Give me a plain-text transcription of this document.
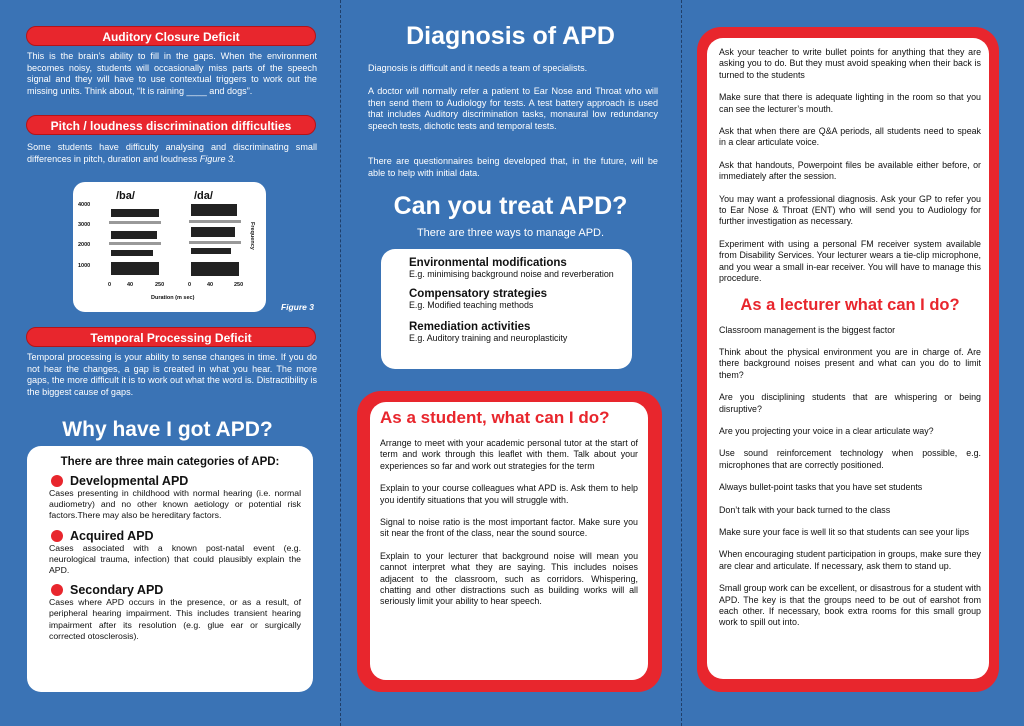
Auditory Closure Deficit
This is the brain’s ability to fill in the gaps. When the environment becomes noisy, students will occasionally miss parts of the speech signal and they will have to use contextual triggers to work out the missing units. Think about, “It is raining ____ and dogs”.
Pitch / loudness discrimination difficulties
Some students have difficulty analysing and discriminating small differences in pitch, duration and loudness Figure 3.
/ba/	/da/
4000
3000
2000
1000
0	40	250	0	40	250
Duration (m sec)
Frequency
Figure 3
Temporal Processing Deficit
Temporal processing is your ability to sense changes in time. If you do not hear the changes, a gap is created in what you hear. The more gaps, the more difficult it is to work out what the word is. Distractibility is the biggest cause of gaps.
Why have I got APD?
There are three main categories of APD:
Developmental APD
Cases presenting in childhood with normal hearing (i.e. normal audiometry) and no other known aetiology or potential risk factors.There may also be hereditary factors.
Acquired APD
Cases associated with a known post-natal event (e.g. neurological trauma, infection) that could plausibly explain the APD.
Secondary APD
Cases where APD occurs in the presence, or as a result, of peripheral hearing impairment. This includes transient hearing impairment after its resolution (e.g. glue ear or surgically corrected otosclerosis).
Diagnosis of APD
Diagnosis is difficult and it needs a team of specialists.
A doctor will normally refer a patient to Ear Nose and Throat who will then send them to Audiology for tests. A test battery approach is used that includes Auditory discrimination tasks, monaural low redundancy speech tests, dichotic tests and temporal tests.
There are questionnaires being developed that, in the future, will be able to help with initial data.
Can you treat APD?
There are three ways to manage APD.
Environmental modifications
E.g. minimising background noise and reverberation
Compensatory strategies
E.g. Modified teaching methods
Remediation activities
E.g. Auditory training and neuroplasticity
As a student, what can I do?
Arrange to meet with your academic personal tutor at the start of term and work through this leaflet with them. Talk about your experiences so far and work out strategies for the term
Explain to your course colleagues what APD is. Ask them to help you identify situations that you will struggle with.
Signal to noise ratio is the most important factor. Make sure you sit near the front of the class, near the sound source.
Explain to your lecturer that background noise will mean you cannot interpret what they are saying. This includes noises adjacent to the classroom, such as corridors. Whispering, chatting and other distractions such as building works will all seriously limit your ability to hear speech.
Ask your teacher to write bullet points for anything that they are asking you to do. But they must avoid speaking when their back is turned to the students
Make sure that there is adequate lighting in the room so that you can see the lecturer’s mouth.
Ask that when there are Q&A periods, all students need to speak in a clear articulate voice.
Ask that handouts, Powerpoint files be available either before, or immediately after the session.
You may want a professional diagnosis. Ask your GP to refer you to Ear Nose & Throat (ENT) who will send you to Audiology for further investigation as necessary.
Experiment with using a personal FM receiver system available from Disability Services. Your lecturer wears a tie-clip microphone, and you wear a small in-ear receiver. You will have to manage this procedure.
As a lecturer what can I do?
Classroom management is the biggest factor
Think about the physical environment you are in charge of. Are there background noises present and what can you do to limit them?
Are you disciplining students that are whispering or being disruptive?
Are you projecting your voice in a clear articulate way?
Use sound reinforcement technology when possible, e.g. microphones that are correctly positioned.
Always bullet-point tasks that you have set students
Don’t talk with your back turned to the class
Make sure your face is well lit so that students can see your lips
When encouraging student participation in groups, make sure they are clear and articulate. If necessary, ask them to stand up.
Small group work can be excellent, or disastrous for a student with APD. The key is that the groups need to be out of earshot from each other. If necessary, book extra rooms for this small group work to spill out into.
